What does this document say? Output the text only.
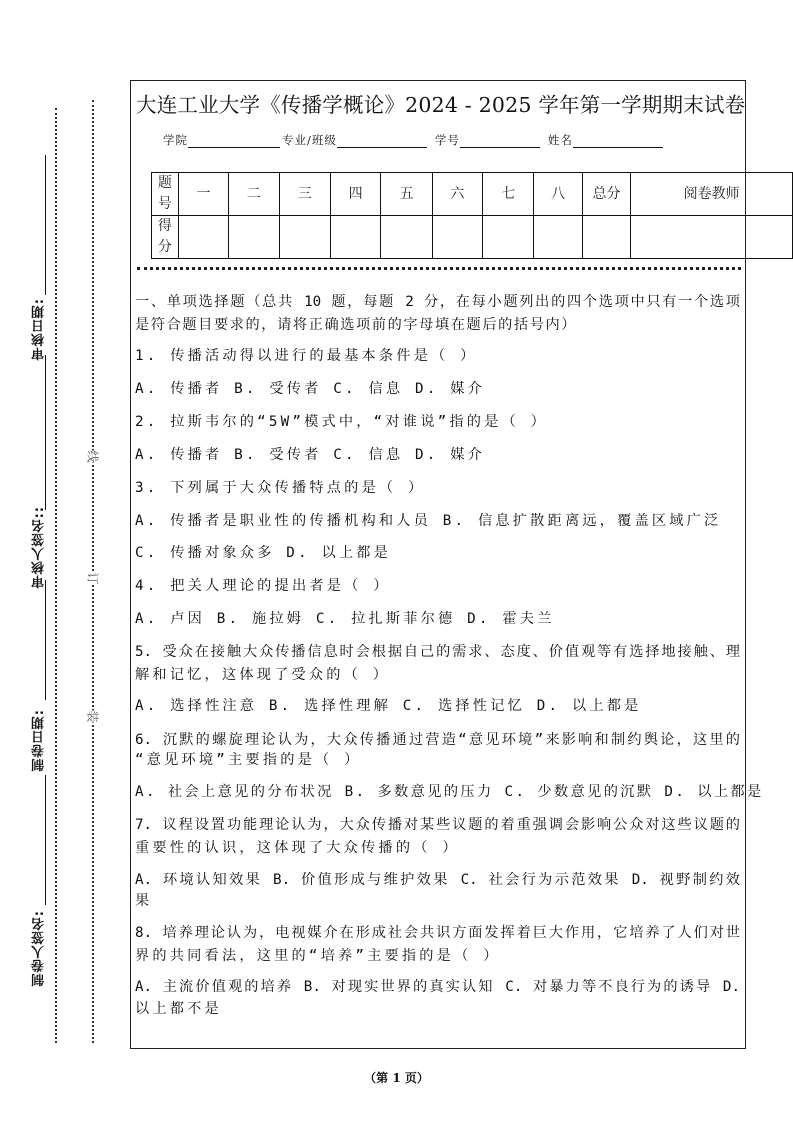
审核日期:
审核人签名::
制卷日期:
制卷人签名:
线
订
装
大连工业大学《传播学概论》2024 - 2025 学年第一学期期末试卷
学院	专业/班级	学号	姓名
题号	一	二	三	四	五	六	七	八	总分	阅卷教师
得分										
一、单项选择题（总共 10 题，每题 2 分，在每小题列出的四个选项中只有一个选项
是符合题目要求的，请将正确选项前的字母填在题后的括号内）
1. 传播活动得以进行的最基本条件是（ ）
A. 传播者 B. 受传者 C. 信息 D. 媒介
2. 拉斯韦尔的“5W”模式中，“对谁说”指的是（ ）
A. 传播者 B. 受传者 C. 信息 D. 媒介
3. 下列属于大众传播特点的是（ ）
A. 传播者是职业性的传播机构和人员 B. 信息扩散距离远，覆盖区域广泛
C. 传播对象众多 D. 以上都是
4. 把关人理论的提出者是（ ）
A. 卢因 B. 施拉姆 C. 拉扎斯菲尔德 D. 霍夫兰
5. 受众在接触大众传播信息时会根据自己的需求、态度、价值观等有选择地接触、理
解和记忆，这体现了受众的（ ）
A. 选择性注意 B. 选择性理解 C. 选择性记忆 D. 以上都是
6. 沉默的螺旋理论认为，大众传播通过营造“意见环境”来影响和制约舆论，这里的
“意见环境”主要指的是（ ）
A. 社会上意见的分布状况 B. 多数意见的压力 C. 少数意见的沉默 D. 以上都是
7. 议程设置功能理论认为，大众传播对某些议题的着重强调会影响公众对这些议题的
重要性的认识，这体现了大众传播的（ ）
A. 环境认知效果 B. 价值形成与维护效果 C. 社会行为示范效果 D. 视野制约效
果
8. 培养理论认为，电视媒介在形成社会共识方面发挥着巨大作用，它培养了人们对世
界的共同看法，这里的“培养”主要指的是（ ）
A. 主流价值观的培养 B. 对现实世界的真实认知 C. 对暴力等不良行为的诱导 D.
以上都不是
（第 1 页）
